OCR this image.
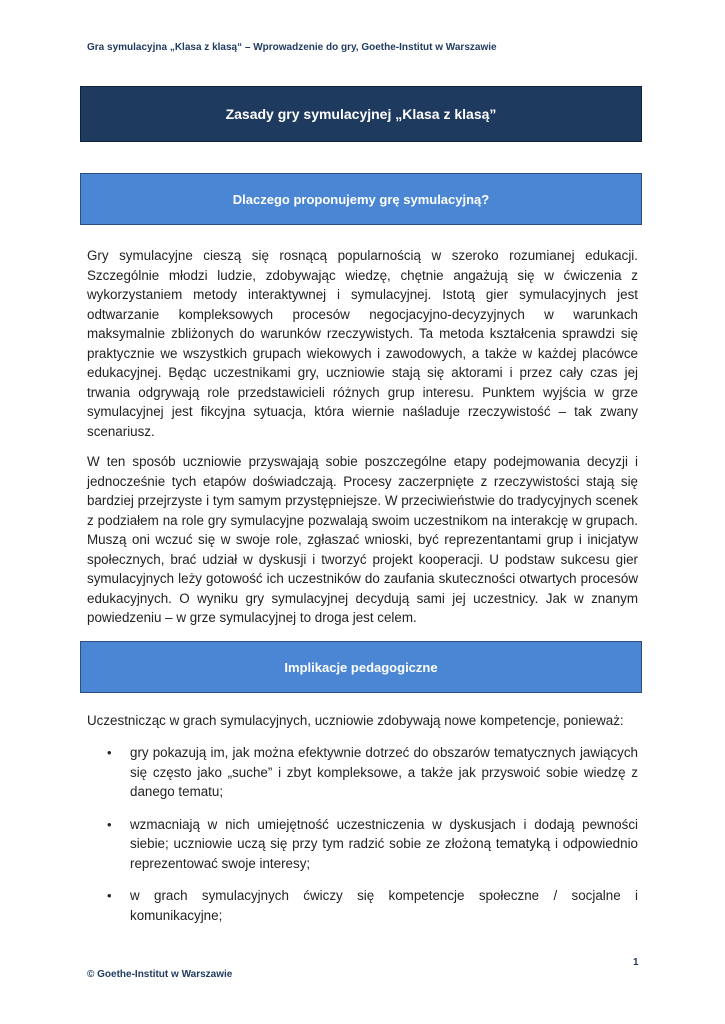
Gra symulacyjna „Klasa z klasą“ – Wprowadzenie do gry, Goethe-Institut w Warszawie
Zasady gry symulacyjnej „Klasa z klasą”
Dlaczego proponujemy grę symulacyjną?

Gry symulacyjne cieszą się rosnącą popularnością w szeroko rozumianej edukacji. Szczególnie młodzi ludzie, zdobywając wiedzę, chętnie angażują się w ćwiczenia z wykorzystaniem metody interaktywnej i symulacyjnej. Istotą gier symulacyjnych jest odtwarzanie kompleksowych procesów negocjacyjno-decyzyjnych w warunkach maksymalnie zbliżonych do warunków rzeczywistych. Ta metoda kształcenia sprawdzi się praktycznie we wszystkich grupach wiekowych i zawodowych, a także w każdej placówce edukacyjnej. Będąc uczestnikami gry, uczniowie stają się aktorami i przez cały czas jej trwania odgrywają role przedstawicieli różnych grup interesu. Punktem wyjścia w grze symulacyjnej jest fikcyjna sytuacja, która wiernie naśladuje rzeczywistość – tak zwany scenariusz.

W ten sposób uczniowie przyswajają sobie poszczególne etapy podejmowania decyzji i jednocześnie tych etapów doświadczają. Procesy zaczerpnięte z rzeczywistości stają się bardziej przejrzyste i tym samym przystępniejsze. W przeciwieństwie do tradycyjnych scenek z podziałem na role gry symulacyjne pozwalają swoim uczestnikom na interakcję w grupach. Muszą oni wczuć się w swoje role, zgłaszać wnioski, być reprezentantami grup i inicjatyw społecznych, brać udział w dyskusji i tworzyć projekt kooperacji. U podstaw sukcesu gier symulacyjnych leży gotowość ich uczestników do zaufania skuteczności otwartych procesów edukacyjnych. O wyniku gry symulacyjnej decydują sami jej uczestnicy. Jak w znanym powiedzeniu – w grze symulacyjnej to droga jest celem.

Implikacje pedagogiczne

Uczestnicząc w grach symulacyjnych, uczniowie zdobywają nowe kompetencje, ponieważ:

• gry pokazują im, jak można efektywnie dotrzeć do obszarów tematycznych jawiących się często jako „suche” i zbyt kompleksowe, a także jak przyswoić sobie wiedzę z danego tematu;
• wzmacniają w nich umiejętność uczestniczenia w dyskusjach i dodają pewności siebie; uczniowie uczą się przy tym radzić sobie ze złożoną tematyką i odpowiednio reprezentować swoje interesy;
• w grach symulacyjnych ćwiczy się kompetencje społeczne / socjalne i komunikacyjne;
1
© Goethe-Institut w Warszawie
